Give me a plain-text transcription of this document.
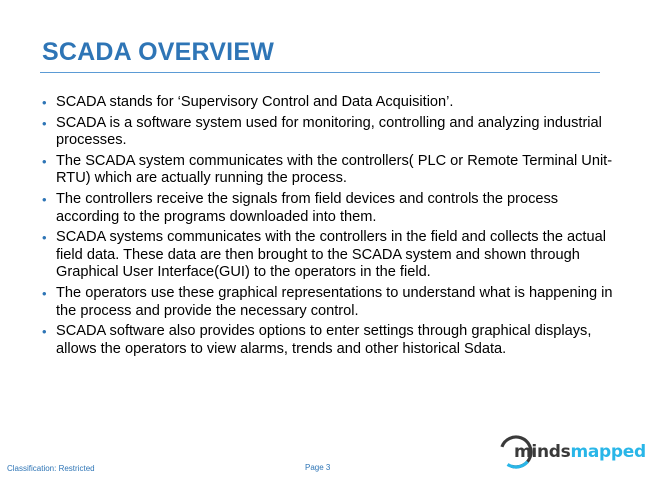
SCADA OVERVIEW
• SCADA stands for ‘Supervisory Control and Data Acquisition’.
• SCADA is a software system used for monitoring, controlling and analyzing industrial processes.
• The SCADA system communicates with the controllers( PLC or Remote Terminal Unit-RTU) which are actually running the process.
• The controllers receive the signals from field devices and controls the process according to the programs downloaded into them.
• SCADA systems communicates with the controllers in the field and collects the actual field data. These data are then brought to the SCADA system and shown through Graphical User Interface(GUI) to the operators in the field.
• The operators use these graphical representations to understand what is happening in the process and provide the necessary control.
• SCADA software also provides options to enter settings through graphical displays, allows the operators to view alarms, trends and other historical Sdata.
Classification: Restricted	Page 3
mindsmapped
